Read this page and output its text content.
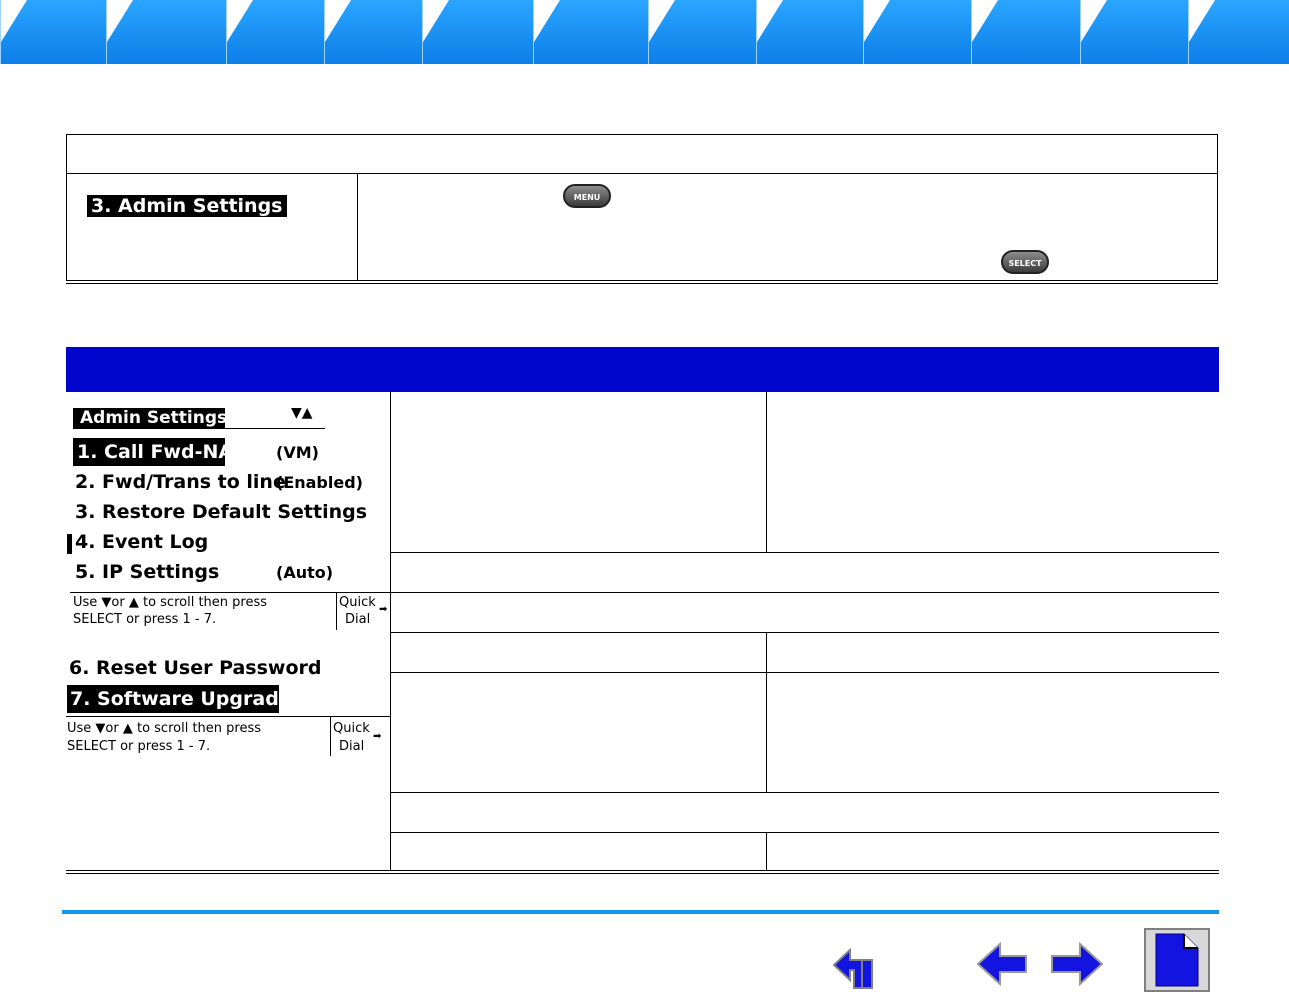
3. Admin Settings	MENU
SELECT
Admin Settings	▼▲
1. Call Fwd-NA	(VM)
2. Fwd/Trans to line
(Enabled)
3. Restore Default Settings
4. Event Log
5. IP Settings	(Auto)
Use ▼or ▲ to scroll then press
SELECT or press 1 - 7.
Quick
Dial
➡
6. Reset User Password
7. Software Upgrade
Use ▼or ▲ to scroll then press
SELECT or press 1 - 7.
Quick
Dial
➡
